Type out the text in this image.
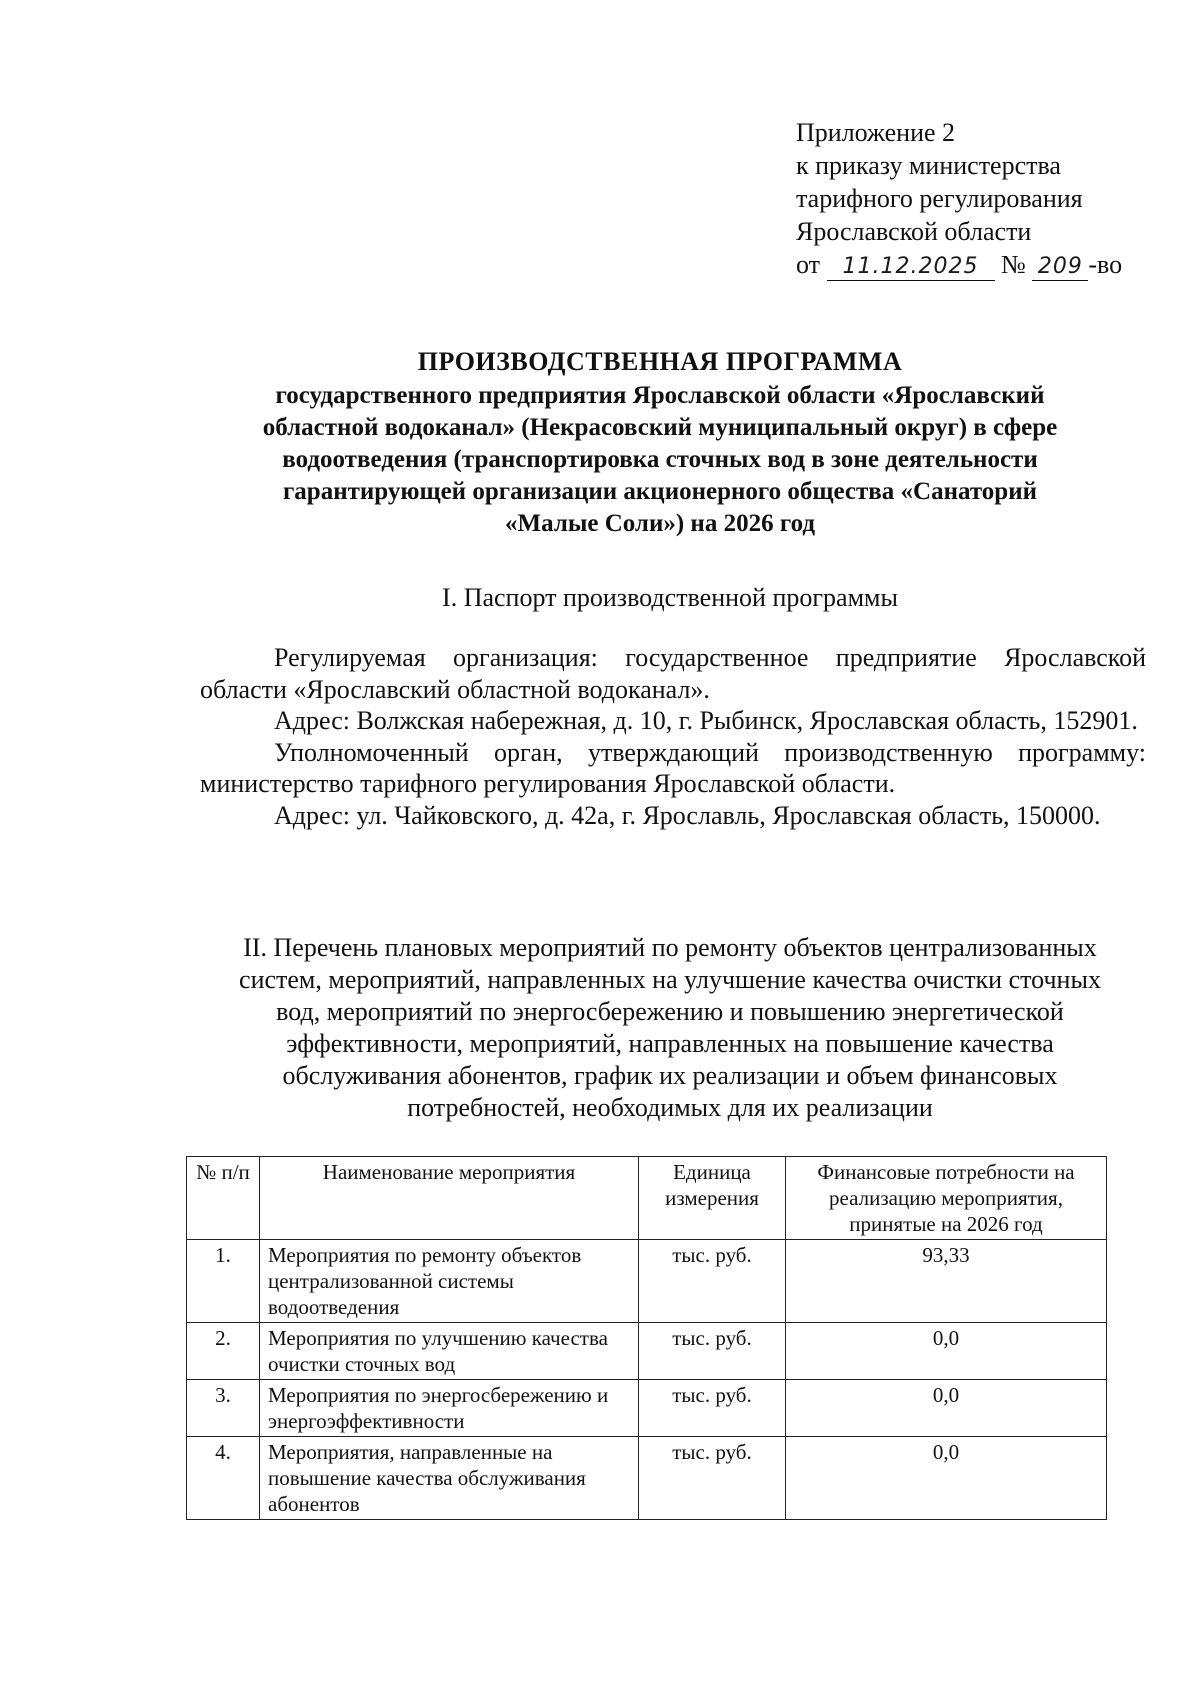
Приложение 2
к приказу министерства
тарифного регулирования
Ярославской области
от 11.12.2025 № 209 -во
ПРОИЗВОДСТВЕННАЯ ПРОГРАММА
государственного предприятия Ярославской области «Ярославский
областной водоканал» (Некрасовский муниципальный округ) в сфере
водоотведения (транспортировка сточных вод в зоне деятельности
гарантирующей организации акционерного общества «Санаторий
«Малые Соли») на 2026 год
I. Паспорт производственной программы

Регулируемая организация: государственное предприятие Ярославской области «Ярославский областной водоканал».

Адрес: Волжская набережная, д. 10, г. Рыбинск, Ярославская область, 152901.

Уполномоченный орган, утверждающий производственную программу: министерство тарифного регулирования Ярославской области.

Адрес: ул. Чайковского, д. 42а, г. Ярославль, Ярославская область, 150000.

II. Перечень плановых мероприятий по ремонту объектов централизованных
систем, мероприятий, направленных на улучшение качества очистки сточных
вод, мероприятий по энергосбережению и повышению энергетической
эффективности, мероприятий, направленных на повышение качества
обслуживания абонентов, график их реализации и объем финансовых
потребностей, необходимых для их реализации
№ п/п	Наименование мероприятия	Единица измерения	Финансовые потребности на реализацию мероприятия, принятые на 2026 год
1.	Мероприятия по ремонту объектов централизованной системы водоотведения	тыс. руб.	93,33
2.	Мероприятия по улучшению качества очистки сточных вод	тыс. руб.	0,0
3.	Мероприятия по энергосбережению и энергоэффективности	тыс. руб.	0,0
4.	Мероприятия, направленные на повышение качества обслуживания абонентов	тыс. руб.	0,0
